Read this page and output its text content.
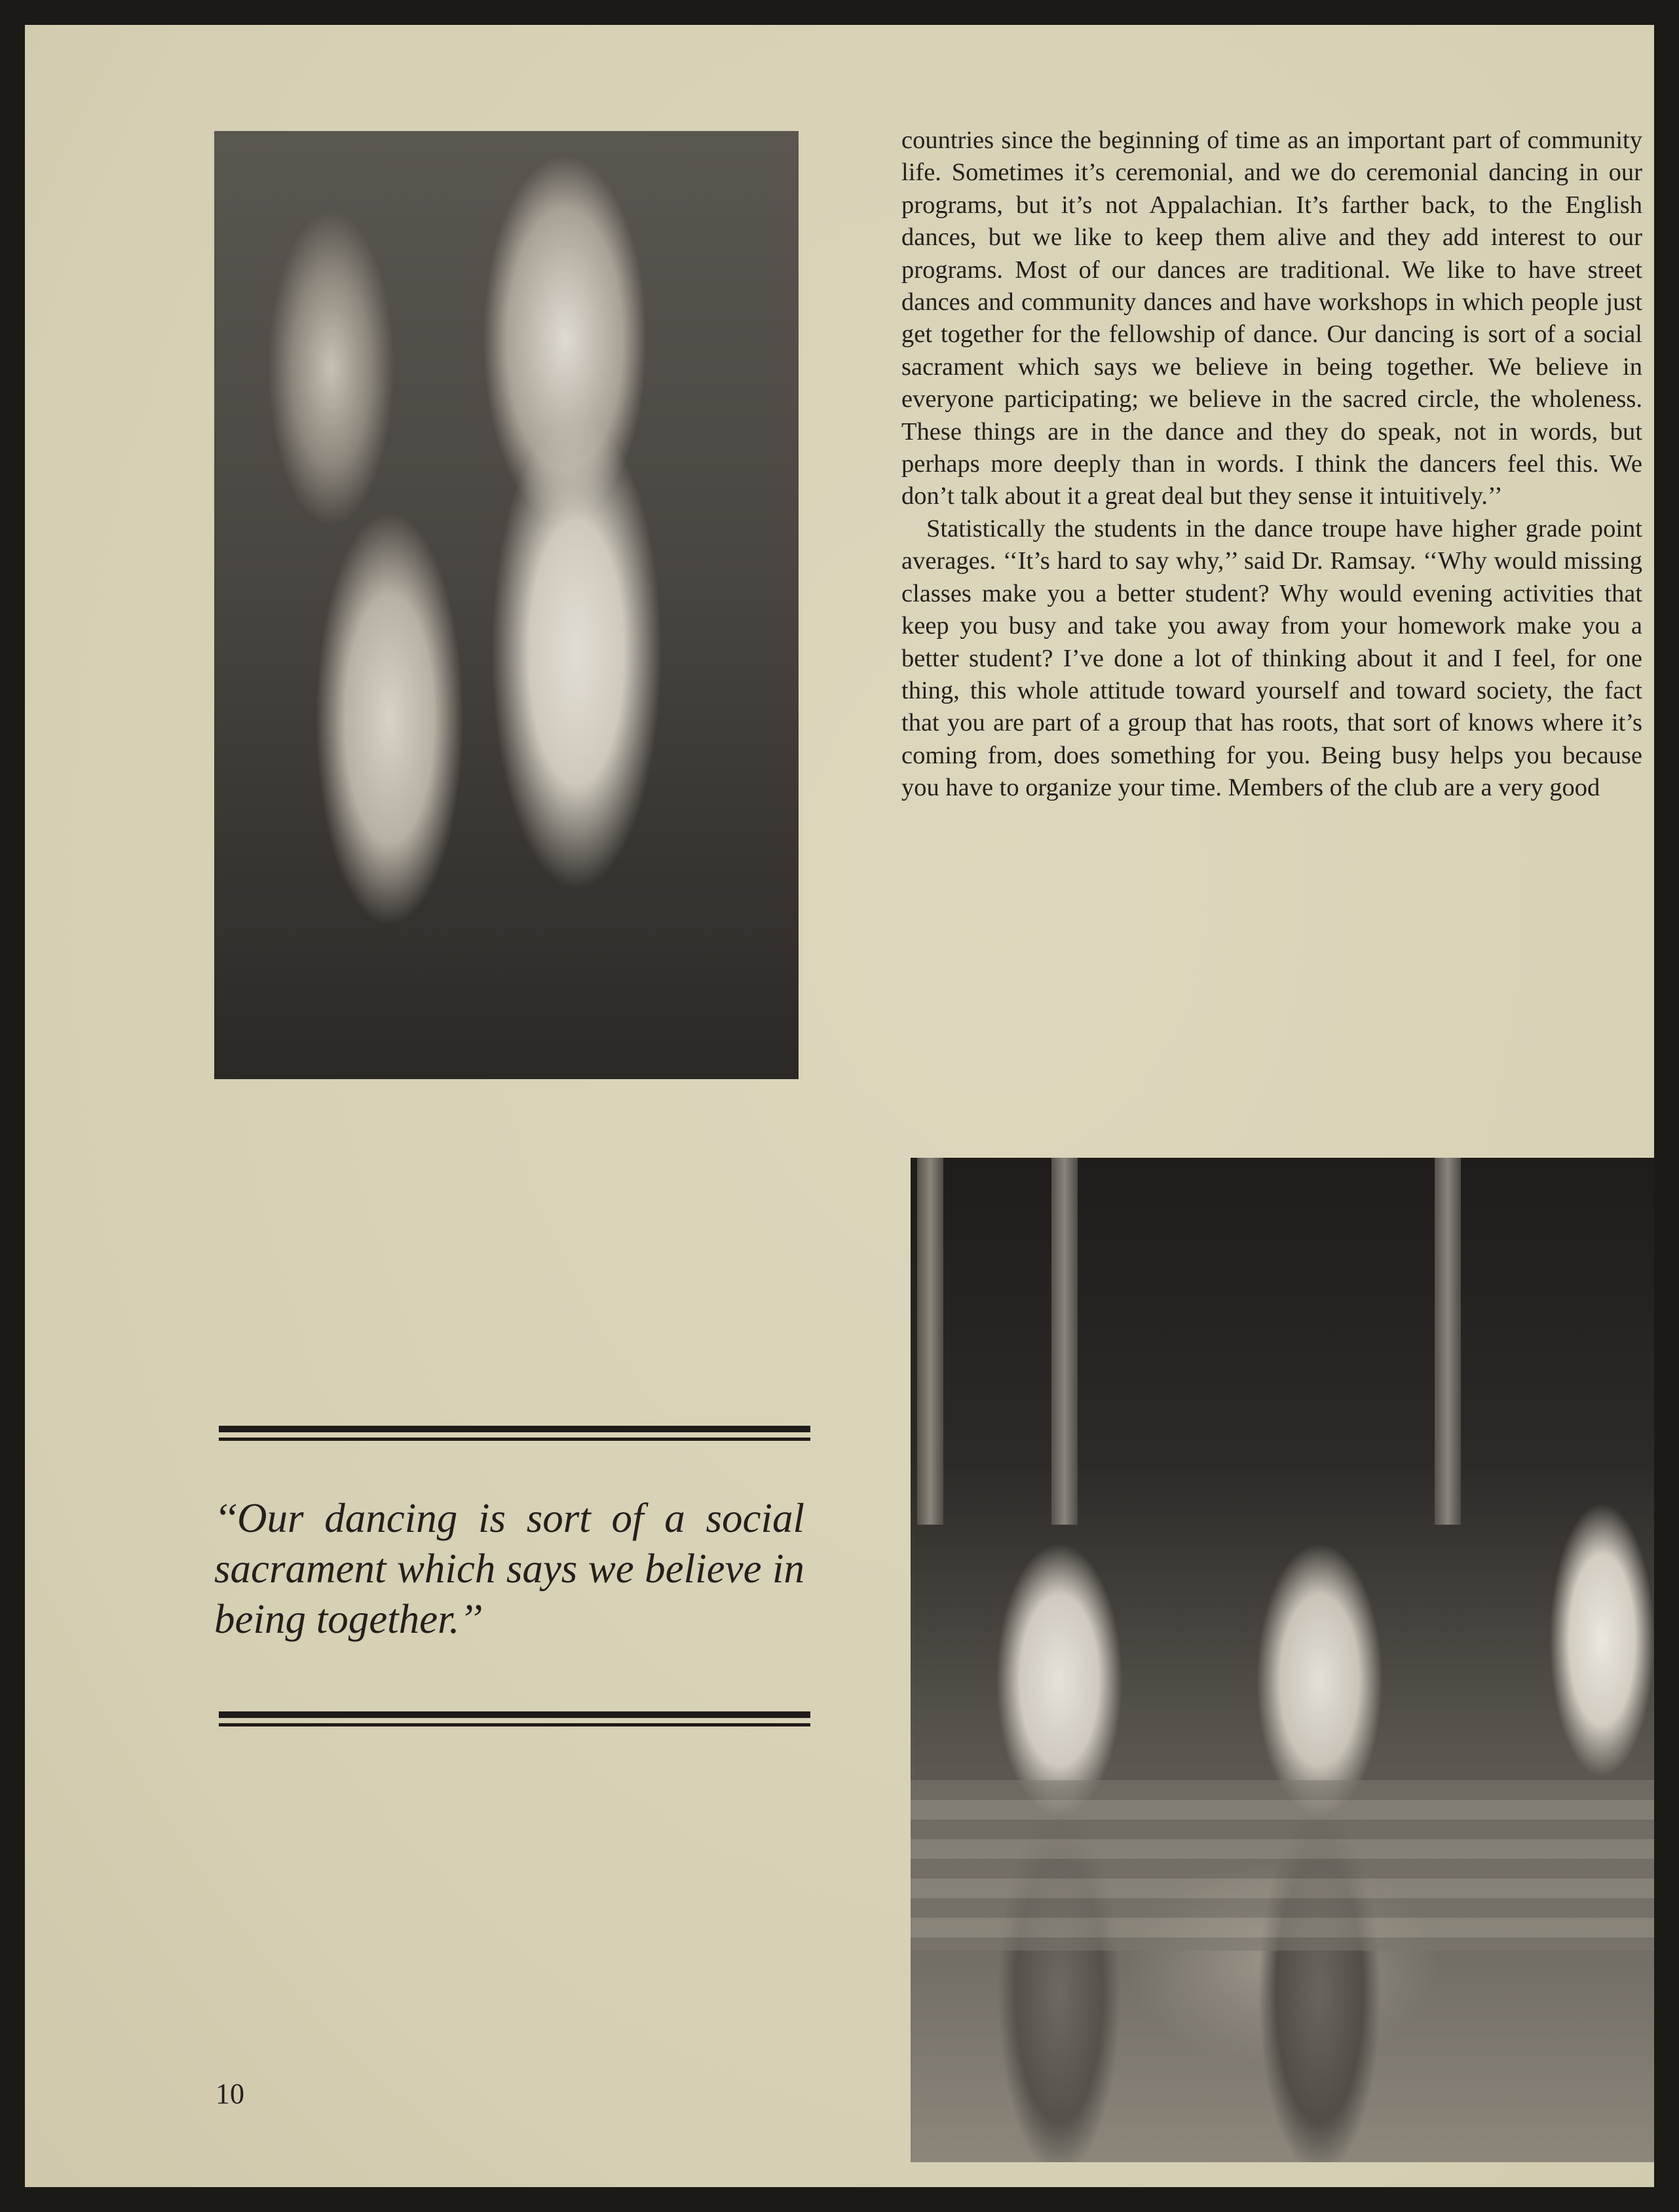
countries since the beginning of time as an important part of community life. Sometimes it’s ceremonial, and we do ceremonial dancing in our programs, but it’s not Appalachian. It’s farther back, to the English dances, but we like to keep them alive and they add interest to our programs. Most of our dances are traditional. We like to have street dances and community dances and have workshops in which people just get together for the fellowship of dance. Our dancing is sort of a social sacrament which says we believe in being together. We believe in everyone participating; we believe in the sacred circle, the wholeness. These things are in the dance and they do speak, not in words, but perhaps more deeply than in words. I think the dancers feel this. We don’t talk about it a great deal but they sense it intuitively.’’

Statistically the students in the dance troupe have higher grade point averages. ‘‘It’s hard to say why,’’ said Dr. Ramsay. ‘‘Why would missing classes make you a better student? Why would evening activities that keep you busy and take you away from your homework make you a better student? I’ve done a lot of thinking about it and I feel, for one thing, this whole attitude toward yourself and toward society, the fact that you are part of a group that has roots, that sort of knows where it’s coming from, does something for you. Being busy helps you because you have to organize your time. Members of the club are a very good

‘‘Our dancing is sort of a social sacrament which says we believe in being together.’’

10
